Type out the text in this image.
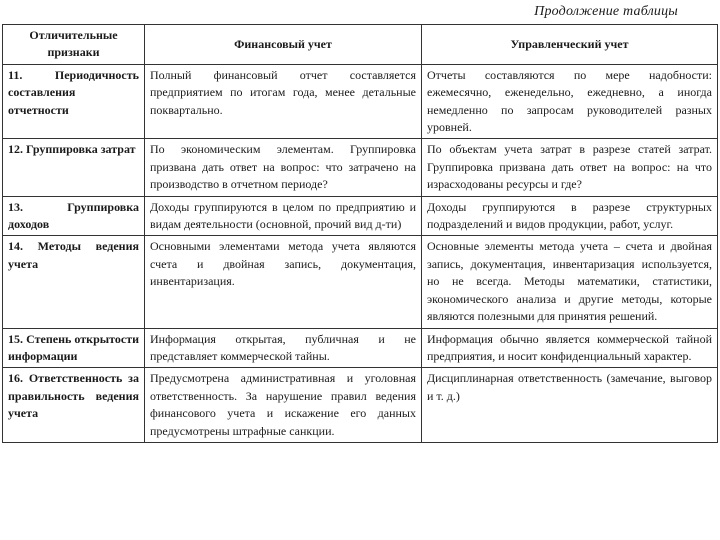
Продолжение таблицы
Отличительные признаки	Финансовый учет	Управленческий учет
11. Периодичность составления отчетности	Полный финансовый отчет составляется предприятием по итогам года, менее детальные поквартально.	Отчеты составляются по мере надобности: ежемесячно, еженедельно, ежедневно, а иногда немедленно по запросам руководителей разных уровней.
12. Группировка затрат	По экономическим элементам. Группировка призвана дать ответ на вопрос: что затрачено на производство в отчетном периоде?	По объектам учета затрат в разрезе статей затрат. Группировка призвана дать ответ на вопрос: на что израсходованы ресурсы и где?
13. Группировка доходов	Доходы группируются в целом по предприятию и видам деятельности (основной, прочий вид д-ти)	Доходы группируются в разрезе структурных подразделений и видов продукции, работ, услуг.
14. Методы ведения учета	Основными элементами метода учета являются счета и двойная запись, документация, инвентаризация.	Основные элементы метода учета – счета и двойная запись, документация, инвентаризация используется, но не всегда. Методы математики, статистики, экономического анализа и другие методы, которые являются полезными для принятия решений.
15. Степень открытости информации	Информация открытая, публичная и не представляет коммерческой тайны.	Информация обычно является коммерческой тайной предприятия, и носит конфиденциальный характер.
16. Ответственность за правильность ведения учета	Предусмотрена административная и уголовная ответственность. За нарушение правил ведения финансового учета и искажение его данных предусмотрены штрафные санкции.	Дисциплинарная ответственность (замечание, выговор и т. д.)
